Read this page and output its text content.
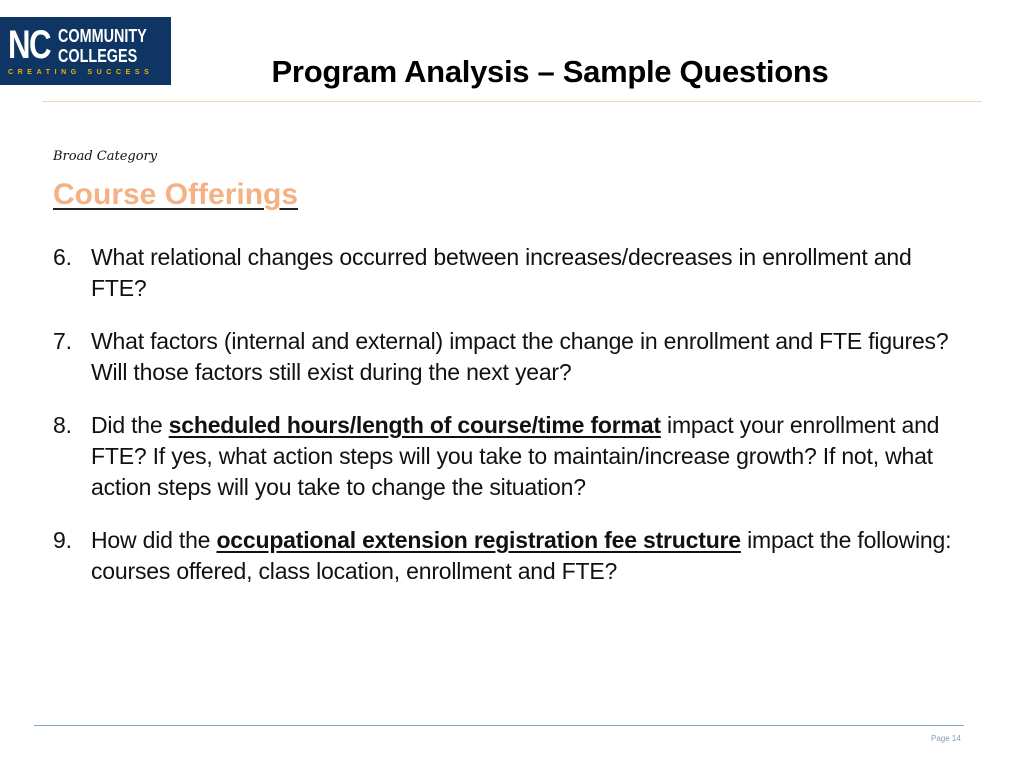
NC COMMUNITY
COLLEGES
CREATING SUCCESS	Program Analysis – Sample Questions
Broad Category
Course Offerings
6. What relational changes occurred between increases/decreases in enrollment and FTE?
7. What factors (internal and external) impact the change in enrollment and FTE figures? Will those factors still exist during the next year?
8. Did the scheduled hours/length of course/time format impact your enrollment and FTE? If yes, what action steps will you take to maintain/increase growth? If not, what action steps will you take to change the situation?
9. How did the occupational extension registration fee structure impact the following: courses offered, class location, enrollment and FTE?
Page 14
